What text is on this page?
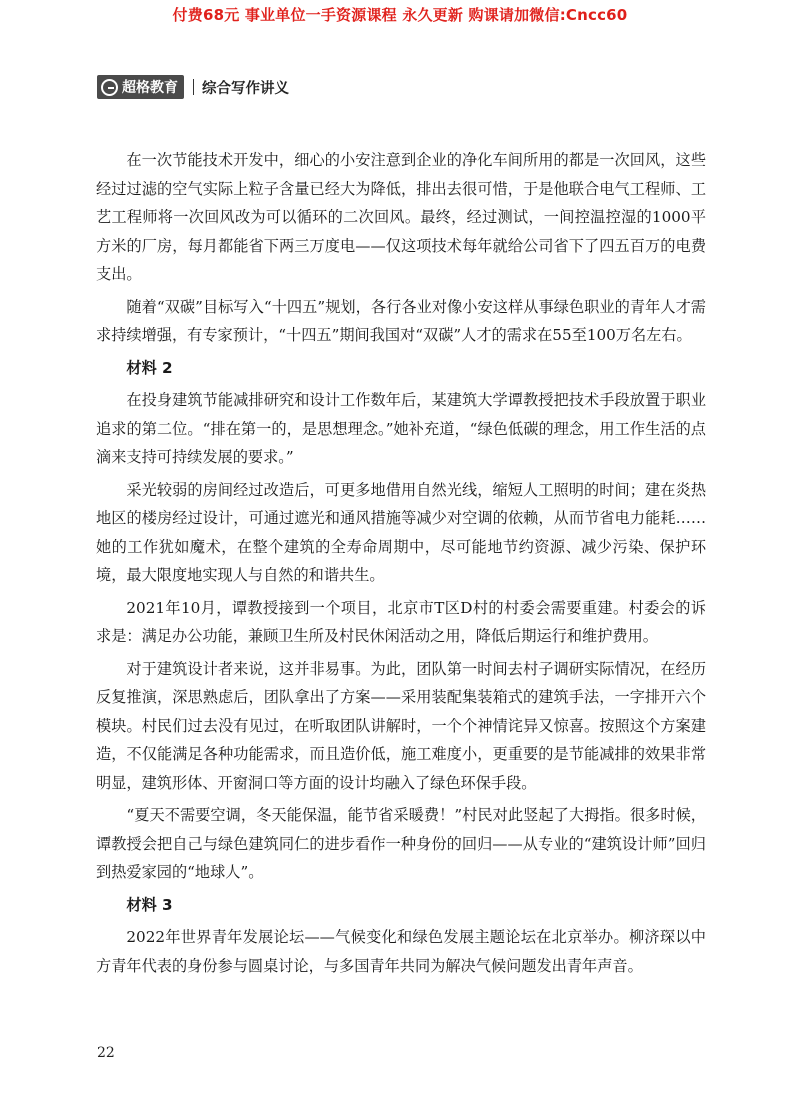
付费68元 事业单位一手资源课程 永久更新 购课请加微信:Cncc60
超格教育 综合写作讲义

在一次节能技术开发中，细心的小安注意到企业的净化车间所用的都是一次回风，这些经过过滤的空气实际上粒子含量已经大为降低，排出去很可惜，于是他联合电气工程师、工艺工程师将一次回风改为可以循环的二次回风。最终，经过测试，一间控温控湿的1000平方米的厂房，每月都能省下两三万度电——仅这项技术每年就给公司省下了四五百万的电费支出。

随着“双碳”目标写入“十四五”规划，各行各业对像小安这样从事绿色职业的青年人才需求持续增强，有专家预计，“十四五”期间我国对“双碳”人才的需求在55至100万名左右。

材料 2

在投身建筑节能减排研究和设计工作数年后，某建筑大学谭教授把技术手段放置于职业追求的第二位。“排在第一的，是思想理念。”她补充道，“绿色低碳的理念，用工作生活的点滴来支持可持续发展的要求。”

采光较弱的房间经过改造后，可更多地借用自然光线，缩短人工照明的时间；建在炎热地区的楼房经过设计，可通过遮光和通风措施等减少对空调的依赖，从而节省电力能耗……她的工作犹如魔术，在整个建筑的全寿命周期中，尽可能地节约资源、减少污染、保护环境，最大限度地实现人与自然的和谐共生。

2021年10月，谭教授接到一个项目，北京市T区D村的村委会需要重建。村委会的诉求是：满足办公功能，兼顾卫生所及村民休闲活动之用，降低后期运行和维护费用。

对于建筑设计者来说，这并非易事。为此，团队第一时间去村子调研实际情况，在经历反复推演，深思熟虑后，团队拿出了方案——采用装配集装箱式的建筑手法，一字排开六个模块。村民们过去没有见过，在听取团队讲解时，一个个神情诧异又惊喜。按照这个方案建造，不仅能满足各种功能需求，而且造价低，施工难度小，更重要的是节能减排的效果非常明显，建筑形体、开窗洞口等方面的设计均融入了绿色环保手段。

“夏天不需要空调，冬天能保温，能节省采暖费！”村民对此竖起了大拇指。很多时候，谭教授会把自己与绿色建筑同仁的进步看作一种身份的回归——从专业的“建筑设计师”回归到热爱家园的“地球人”。

材料 3

2022年世界青年发展论坛——气候变化和绿色发展主题论坛在北京举办。柳济琛以中方青年代表的身份参与圆桌讨论，与多国青年共同为解决气候问题发出青年声音。

22
